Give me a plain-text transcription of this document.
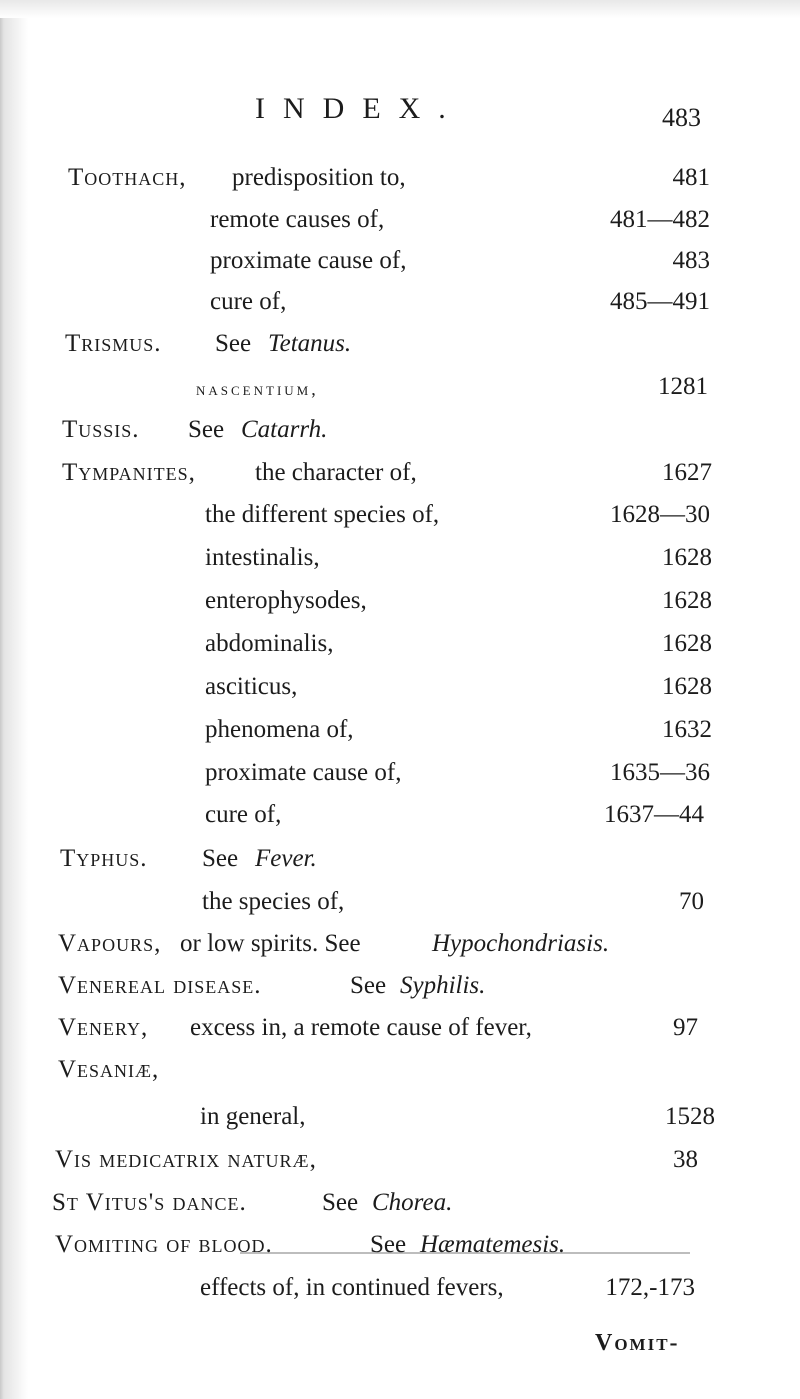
INDEX.	483
Toothach, predisposition to,	481
remote causes of,	481—482
proximate cause of,	483
cure of,	485—491
Trismus. See Tetanus.
nascentium,	1281
Tussis. See Catarrh.
Tympanites, the character of,	1627
the different species of,	1628—30
intestinalis,	1628
enterophysodes,	1628
abdominalis,	1628
asciticus,	1628
phenomena of,	1632
proximate cause of,	1635—36
cure of,	1637—44
Typhus. See Fever.
the species of,	70
Vapours, or low spirits. See	Hypochondriasis.
Venereal disease.	See Syphilis.
Venery, excess in, a remote cause of fever,	97
Vesaniæ,
in general,	1528
Vis medicatrix naturæ,	38
St Vitus's dance.	See Chorea.
Vomiting of blood.	See Hæmatemesis.
effects of, in continued fevers,	172,-173
Vomit-
